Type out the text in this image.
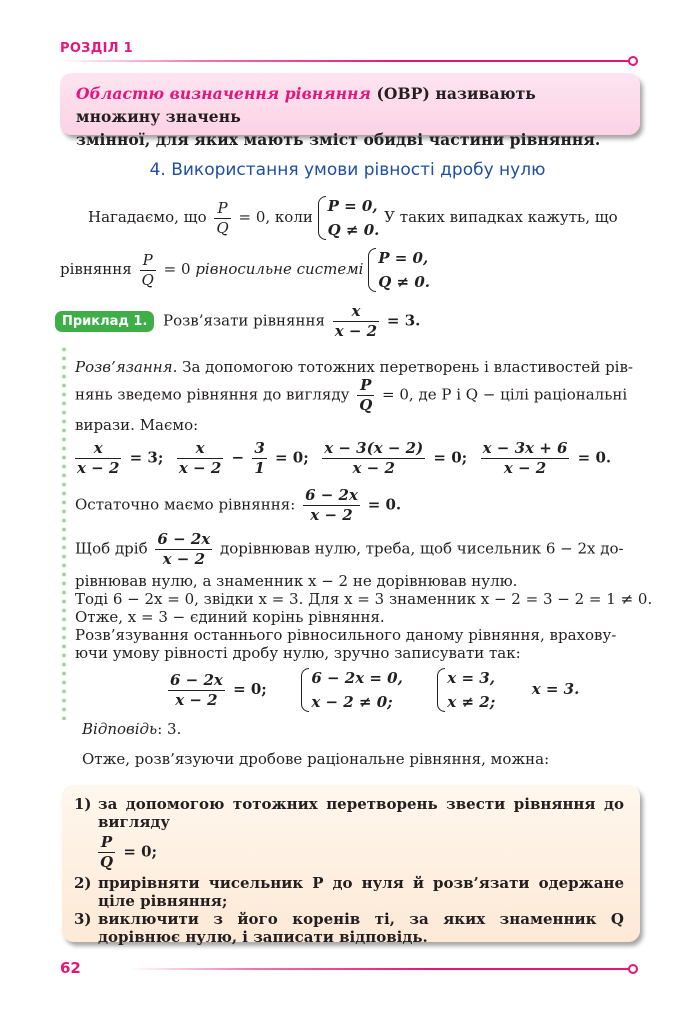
РОЗДІЛ 1
Областю визначення рівняння (ОВР) називають множину значень
змінної, для яких мають зміст обидві частини рівняння.
4. Використання умови рівності дробу нулю
Нагадаємо, що $\frac{P}{Q} = 0$, коли
P = 0,
Q ≠ 0.
У таких випадках кажуть, що
рівняння $\frac{P}{Q} = 0$ рівносильне системі
P = 0,
Q ≠ 0.
Приклад 1.	Розв’язати рівняння $\frac{x}{x - 2} = 3$.
Розв’язання. За допомогою тотожних перетворень і властивостей рів-
нянь зведемо рівняння до вигляду $\frac{P}{Q} = 0$, де P і Q − цілі раціональні
вирази. Маємо:
$\frac{x}{x - 2} = 3$; $\frac{x}{x - 2} - \frac{3}{1} = 0$; $\frac{x - 3(x - 2)}{x - 2} = 0$; $\frac{x - 3x + 6}{x - 2} = 0$.
Остаточно маємо рівняння: $\frac{6 - 2x}{x - 2} = 0$.
Щоб дріб $\frac{6 - 2x}{x - 2}$ дорівнював нулю, треба, щоб чисельник 6 − 2x до-
рівнював нулю, а знаменник x − 2 не дорівнював нулю.
Тоді 6 − 2x = 0, звідки x = 3. Для x = 3 знаменник x − 2 = 3 − 2 = 1 ≠ 0.
Отже, x = 3 − єдиний корінь рівняння.
Розв’язування останнього рівносильного даному рівняння, врахову-
ючи умову рівності дробу нулю, зручно записувати так:
$\frac{6 - 2x}{x - 2} = 0$;
6 − 2x = 0,
x − 2 ≠ 0;

x = 3,
x ≠ 2;
x = 3.
Відповідь: 3.
Отже, розв’язуючи дробове раціональне рівняння, можна:
1) за допомогою тотожних перетворень звести рівняння до вигляду
$\frac{P}{Q} = 0$;
2) прирівняти чисельник P до нуля й розв’язати одержане ціле рівняння;
3) виключити з його коренів ті, за яких знаменник Q дорівнює нулю, і записати відповідь.
62
